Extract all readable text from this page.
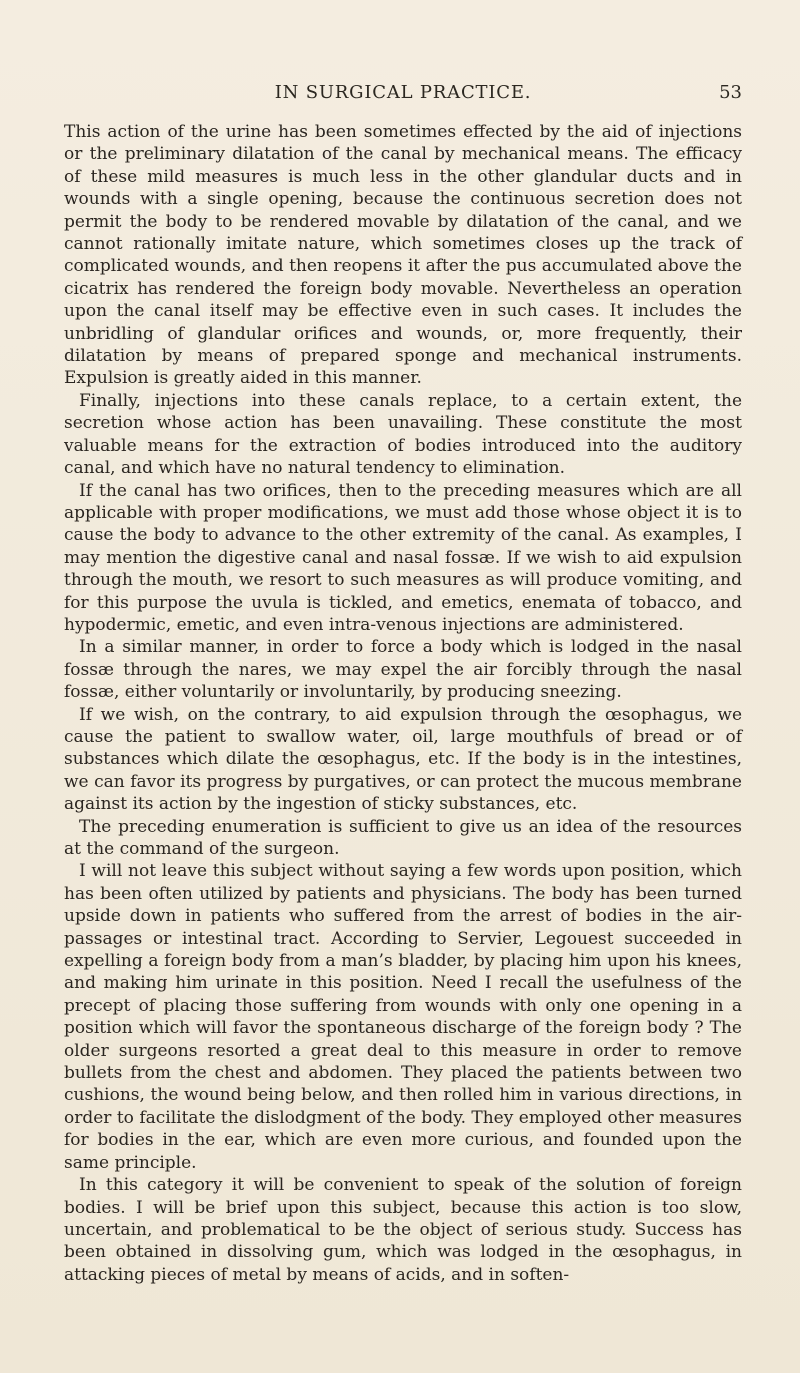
IN SURGICAL PRACTICE.	53

This action of the urine has been sometimes effected by the aid of injections or the preliminary dilatation of the canal by mechanical means. The efficacy of these mild measures is much less in the other glandular ducts and in wounds with a single opening, because the continuous secretion does not permit the body to be rendered movable by dilatation of the canal, and we cannot rationally imitate nature, which sometimes closes up the track of complicated wounds, and then reopens it after the pus accumulated above the cicatrix has rendered the foreign body movable. Nevertheless an operation upon the canal itself may be effective even in such cases. It includes the unbridling of glandular orifices and wounds, or, more frequently, their dilatation by means of prepared sponge and mechanical instruments. Expulsion is greatly aided in this manner.

Finally, injections into these canals replace, to a certain extent, the secretion whose action has been unavailing. These constitute the most valuable means for the extraction of bodies introduced into the auditory canal, and which have no natural tendency to elimination.

If the canal has two orifices, then to the preceding measures which are all applicable with proper modifications, we must add those whose object it is to cause the body to advance to the other extremity of the canal. As examples, I may mention the digestive canal and nasal fossæ. If we wish to aid expulsion through the mouth, we resort to such measures as will produce vomiting, and for this purpose the uvula is tickled, and emetics, enemata of tobacco, and hypodermic, emetic, and even intra-venous injections are administered.

In a similar manner, in order to force a body which is lodged in the nasal fossæ through the nares, we may expel the air forcibly through the nasal fossæ, either voluntarily or involuntarily, by producing sneezing.

If we wish, on the contrary, to aid expulsion through the œsophagus, we cause the patient to swallow water, oil, large mouthfuls of bread or of substances which dilate the œsophagus, etc. If the body is in the intestines, we can favor its progress by purgatives, or can protect the mucous membrane against its action by the ingestion of sticky substances, etc.

The preceding enumeration is sufficient to give us an idea of the resources at the command of the surgeon.

I will not leave this subject without saying a few words upon position, which has been often utilized by patients and physicians. The body has been turned upside down in patients who suffered from the arrest of bodies in the air-passages or intestinal tract. According to Servier, Legouest succeeded in expelling a foreign body from a man’s bladder, by placing him upon his knees, and making him urinate in this position. Need I recall the usefulness of the precept of placing those suffering from wounds with only one opening in a position which will favor the spontaneous discharge of the foreign body ? The older surgeons resorted a great deal to this measure in order to remove bullets from the chest and abdomen. They placed the patients between two cushions, the wound being below, and then rolled him in various directions, in order to facilitate the dislodgment of the body. They employed other measures for bodies in the ear, which are even more curious, and founded upon the same principle.

In this category it will be convenient to speak of the solution of foreign bodies. I will be brief upon this subject, because this action is too slow, uncertain, and problematical to be the object of serious study. Success has been obtained in dissolving gum, which was lodged in the œsophagus, in attacking pieces of metal by means of acids, and in soften-
